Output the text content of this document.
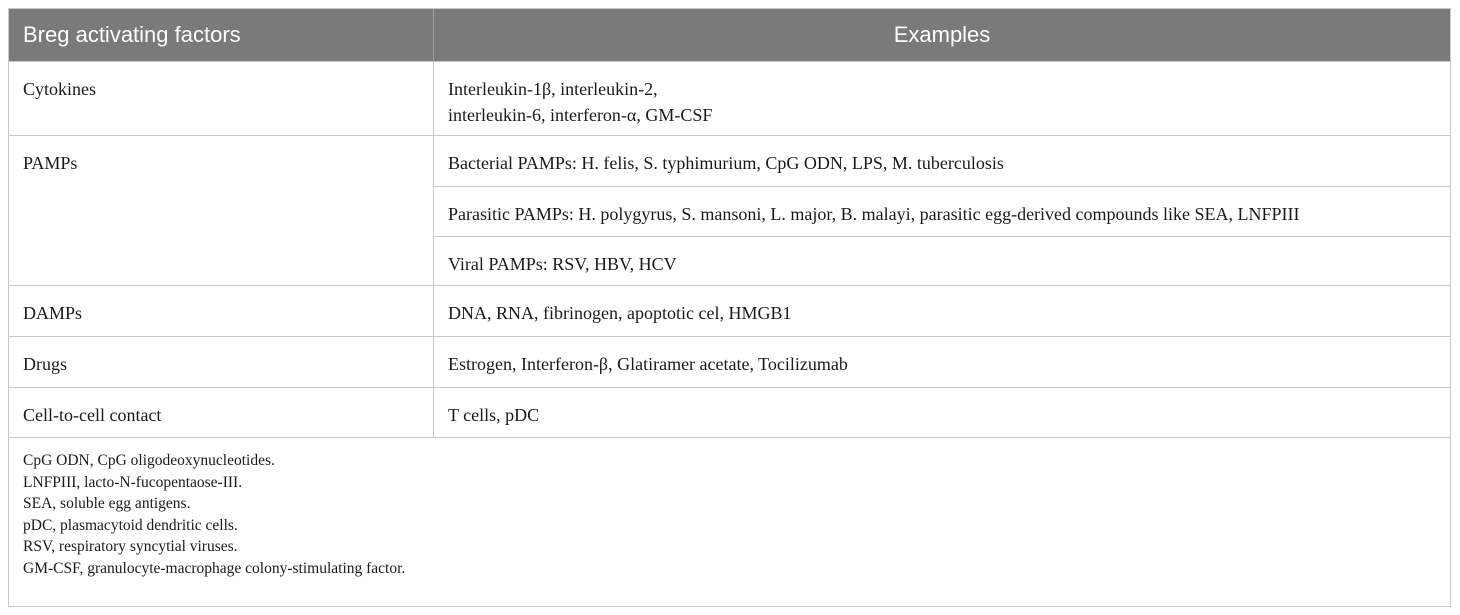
Breg activating factors	Examples
Cytokines	Interleukin-1β, interleukin-2,
interleukin-6, interferon-α, GM-CSF
PAMPs	Bacterial PAMPs: H. felis, S. typhimurium, CpG ODN, LPS, M. tuberculosis
Parasitic PAMPs: H. polygyrus, S. mansoni, L. major, B. malayi, parasitic egg-derived compounds like SEA, LNFPIII
Viral PAMPs: RSV, HBV, HCV
DAMPs	DNA, RNA, fibrinogen, apoptotic cel, HMGB1
Drugs	Estrogen, Interferon-β, Glatiramer acetate, Tocilizumab
Cell-to-cell contact	T cells, pDC
CpG ODN, CpG oligodeoxynucleotides.
LNFPIII, lacto-N-fucopentaose-III.
SEA, soluble egg antigens.
pDC, plasmacytoid dendritic cells.
RSV, respiratory syncytial viruses.
GM-CSF, granulocyte-macrophage colony-stimulating factor.
